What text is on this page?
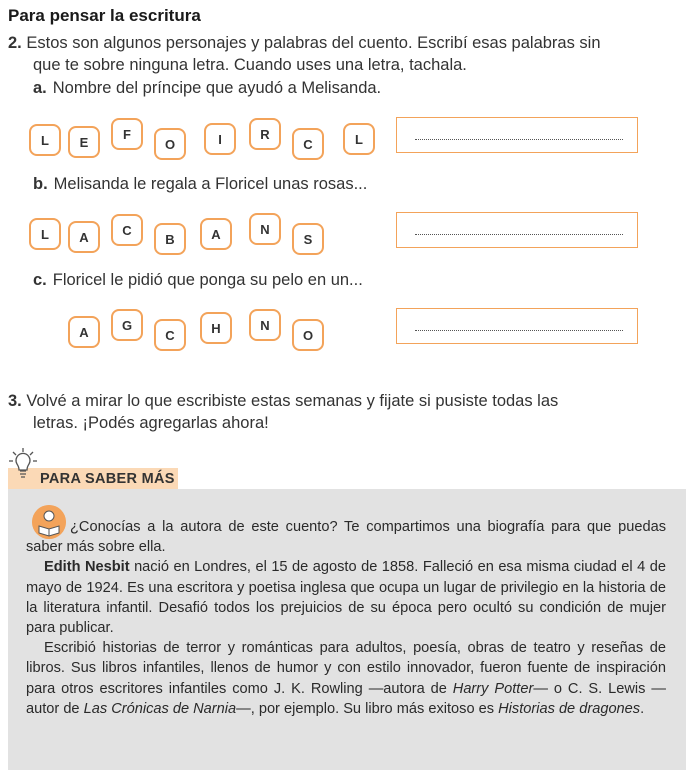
Para pensar la escritura
2. Estos son algunos personajes y palabras del cuento. Escribí esas palabras sin
que te sobre ninguna letra. Cuando uses una letra, tachala.
a. Nombre del príncipe que ayudó a Melisanda.
L	E
F
O	I	R
C	L
b. Melisanda le regala a Floricel unas rosas...
L	A	C
B	A	N
S
c. Floricel le pidió que ponga su pelo en un...
A	G
C	H	N
O
3. Volvé a mirar lo que escribiste estas semanas y fijate si pusiste todas las
letras. ¡Podés agregarlas ahora!
PARA SABER MÁS

¿Conocías a la autora de este cuento? Te compartimos una biografía para que puedas saber más sobre ella.

Edith Nesbit nació en Londres, el 15 de agosto de 1858. Falleció en esa misma ciudad el 4 de mayo de 1924. Es una escritora y poetisa inglesa que ocupa un lugar de privilegio en la historia de la literatura infantil. Desafió todos los prejuicios de su época pero ocultó su condición de mujer para publicar.

Escribió historias de terror y románticas para adultos, poesía, obras de teatro y reseñas de libros. Sus libros infantiles, llenos de humor y con estilo innovador, fueron fuente de inspiración para otros escritores infantiles como J. K. Rowling —autora de Harry Potter— o C. S. Lewis —autor de Las Crónicas de Narnia—, por ejemplo. Su libro más exitoso es Historias de dragones.
